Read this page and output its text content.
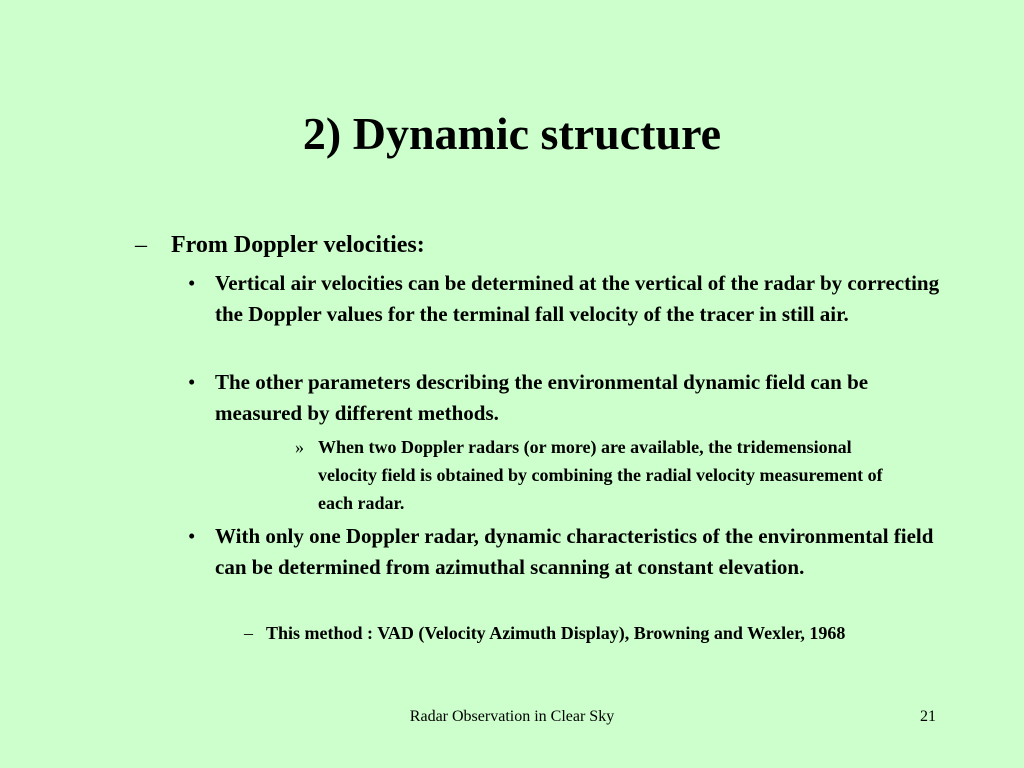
2) Dynamic structure
– From Doppler velocities:
• Vertical air velocities can be determined at the vertical of the radar by correcting the Doppler values for the terminal fall velocity of the tracer in still air.
• The other parameters describing the environmental dynamic field can be measured by different methods.
» When two Doppler radars (or more) are available, the tridemensional velocity field is obtained by combining the radial velocity measurement of each radar.
• With only one Doppler radar, dynamic characteristics of the environmental field can be determined from azimuthal scanning at constant elevation.
– This method : VAD (Velocity Azimuth Display), Browning and Wexler, 1968
Radar Observation in Clear Sky	21
